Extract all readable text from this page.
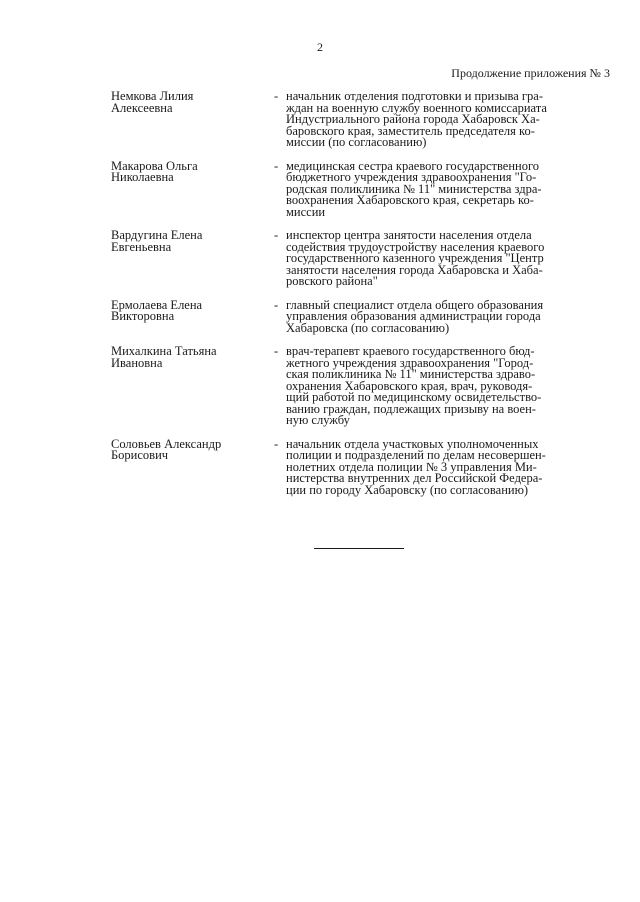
2
Продолжение приложения № 3
Немкова Лилия
Алексеевна
- начальник отделения подготовки и призыва гра-
ждан на военную службу военного комиссариата
Индустриального района города Хабаровск Ха-
баровского края, заместитель председателя ко-
миссии (по согласованию)
Макарова Ольга
Николаевна
- медицинская сестра краевого государственного
бюджетного учреждения здравоохранения "Го-
родская поликлиника № 11" министерства здра-
воохранения Хабаровского края, секретарь ко-
миссии
Вардугина Елена
Евгеньевна
- инспектор центра занятости населения отдела
содействия трудоустройству населения краевого
государственного казенного учреждения "Центр
занятости населения города Хабаровска и Хаба-
ровского района"
Ермолаева Елена
Викторовна
- главный специалист отдела общего образования
управления образования администрации города
Хабаровска (по согласованию)
Михалкина Татьяна
Ивановна
- врач-терапевт краевого государственного бюд-
жетного учреждения здравоохранения "Город-
ская поликлиника № 11" министерства здраво-
охранения Хабаровского края, врач, руководя-
щий работой по медицинскому освидетельство-
ванию граждан, подлежащих призыву на воен-
ную службу
Соловьев Александр
Борисович
- начальник отдела участковых уполномоченных
полиции и подразделений по делам несовершен-
нолетних отдела полиции № 3 управления Ми-
нистерства внутренних дел Российской Федера-
ции по городу Хабаровску (по согласованию)
